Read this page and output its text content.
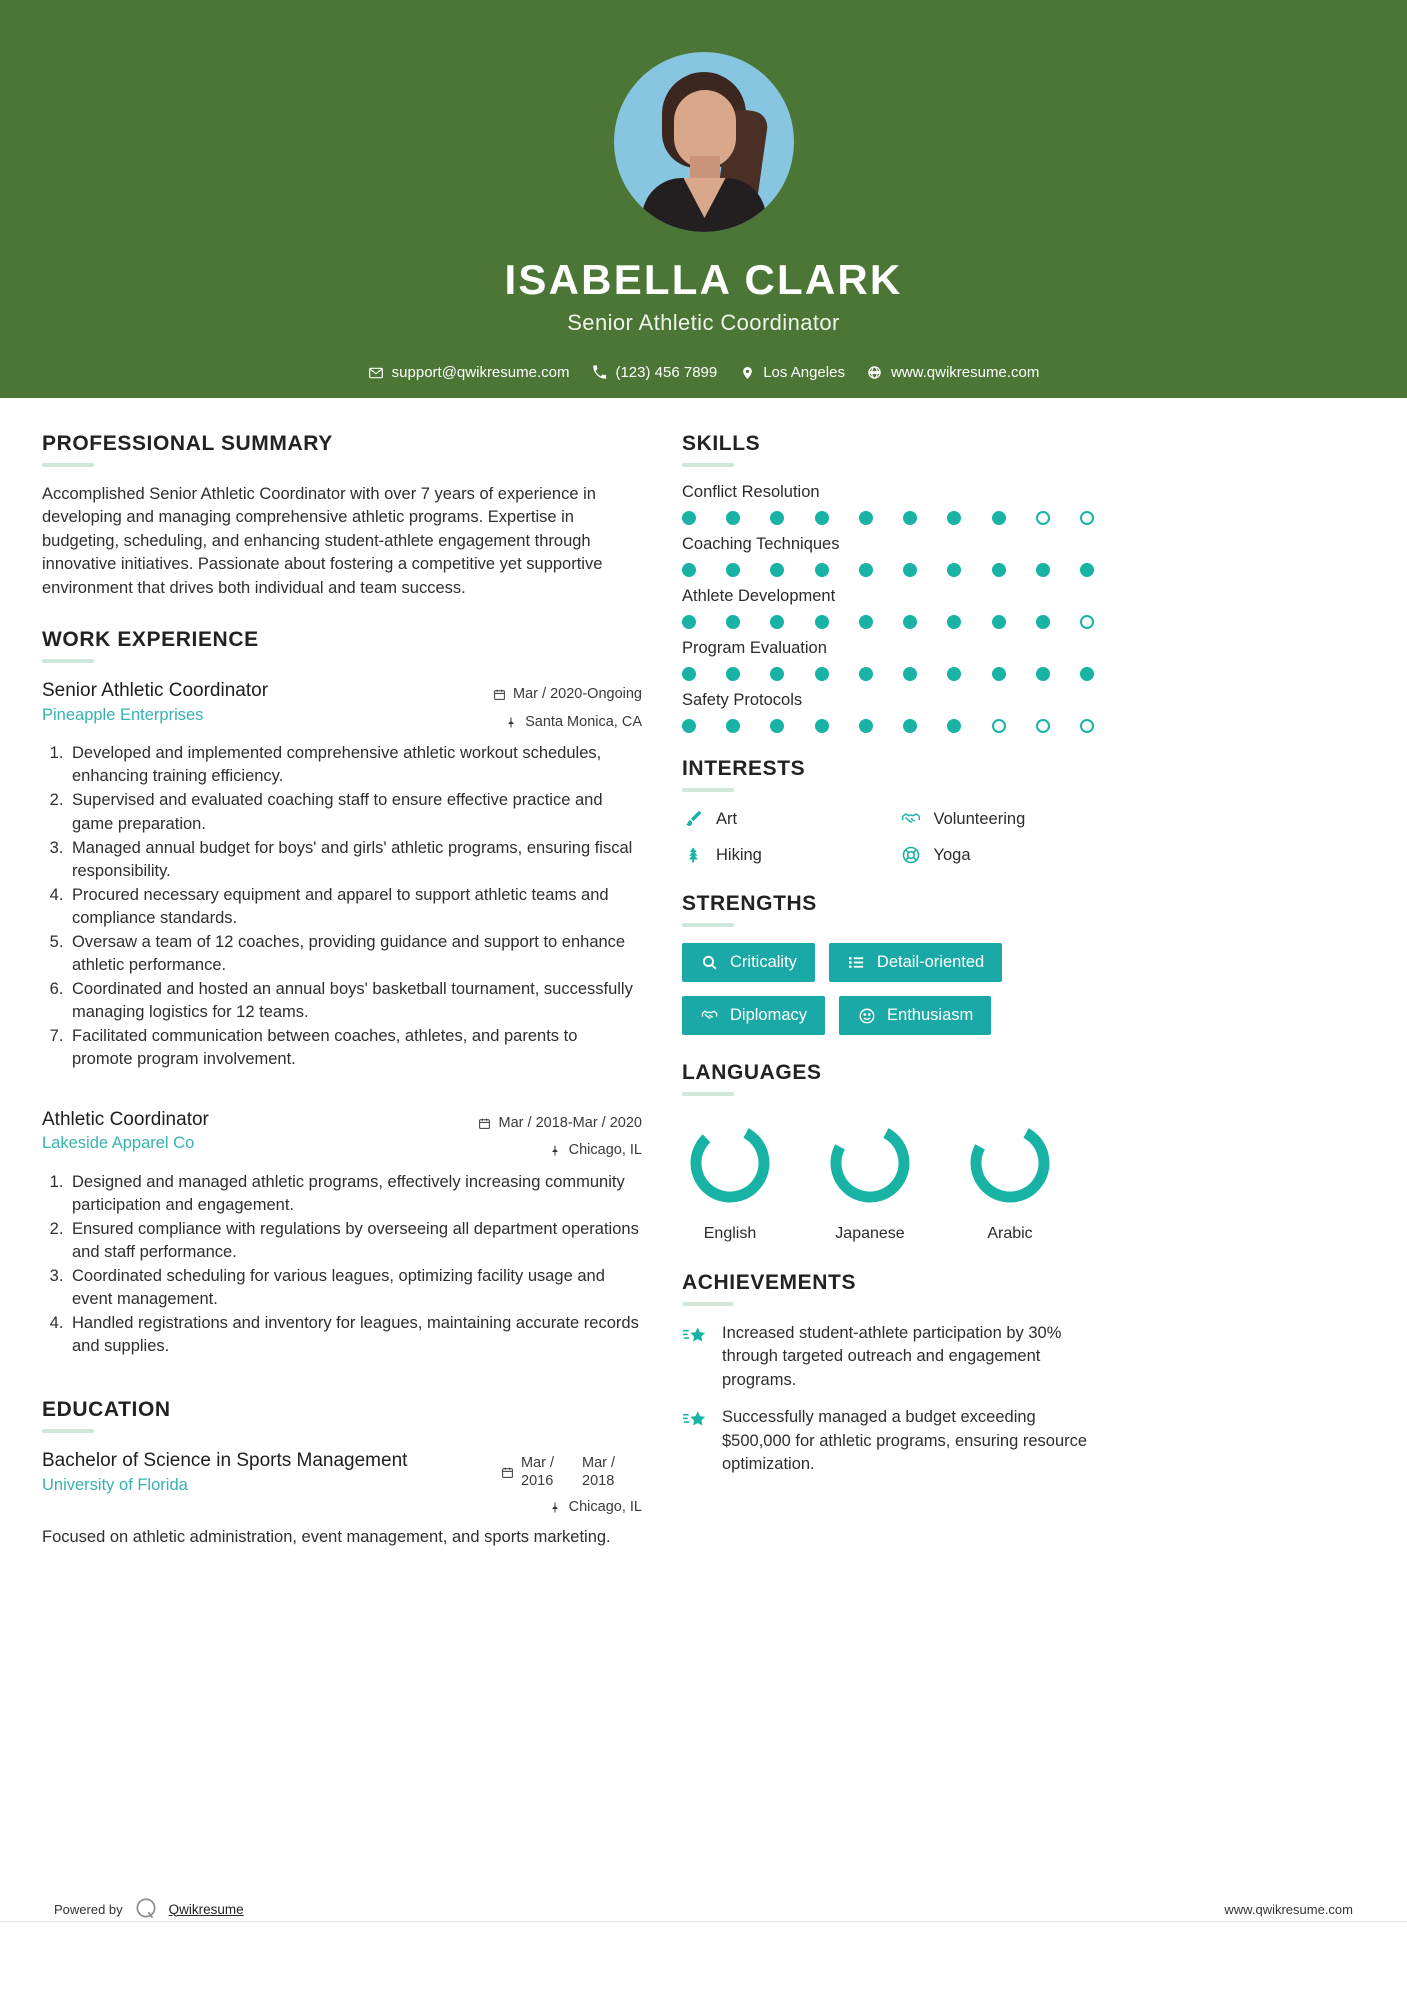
ISABELLA CLARK
Senior Athletic Coordinator
support@qwikresume.com	(123) 456 7899	Los Angeles	www.qwikresume.com
PROFESSIONAL SUMMARY
Accomplished Senior Athletic Coordinator with over 7 years of experience in developing and managing comprehensive athletic programs. Expertise in budgeting, scheduling, and enhancing student-athlete engagement through innovative initiatives. Passionate about fostering a competitive yet supportive environment that drives both individual and team success.
WORK EXPERIENCE
Senior Athletic Coordinator
Pineapple Enterprises
Mar / 2020-Ongoing
Santa Monica, CA
1. Developed and implemented comprehensive athletic workout schedules, enhancing training efficiency.
2. Supervised and evaluated coaching staff to ensure effective practice and game preparation.
3. Managed annual budget for boys' and girls' athletic programs, ensuring fiscal responsibility.
4. Procured necessary equipment and apparel to support athletic teams and compliance standards.
5. Oversaw a team of 12 coaches, providing guidance and support to enhance athletic performance.
6. Coordinated and hosted an annual boys' basketball tournament, successfully managing logistics for 12 teams.
7. Facilitated communication between coaches, athletes, and parents to promote program involvement.
Athletic Coordinator
Lakeside Apparel Co
Mar / 2018-Mar / 2020
Chicago, IL
1. Designed and managed athletic programs, effectively increasing community participation and engagement.
2. Ensured compliance with regulations by overseeing all department operations and staff performance.
3. Coordinated scheduling for various leagues, optimizing facility usage and event management.
4. Handled registrations and inventory for leagues, maintaining accurate records and supplies.
EDUCATION
Bachelor of Science in Sports Management
University of Florida
Mar / 2016
Mar / 2018
Chicago, IL
Focused on athletic administration, event management, and sports marketing.
SKILLS
Conflict Resolution
Coaching Techniques
Athlete Development
Program Evaluation
Safety Protocols
INTERESTS
Art	Volunteering
Hiking	Yoga
STRENGTHS
Criticality	Detail-oriented
Diplomacy	Enthusiasm
LANGUAGES
English	Japanese	Arabic
ACHIEVEMENTS
Increased student-athlete participation by 30% through targeted outreach and engagement programs.
Successfully managed a budget exceeding $500,000 for athletic programs, ensuring resource optimization.
Powered by	Qwikresume	www.qwikresume.com
